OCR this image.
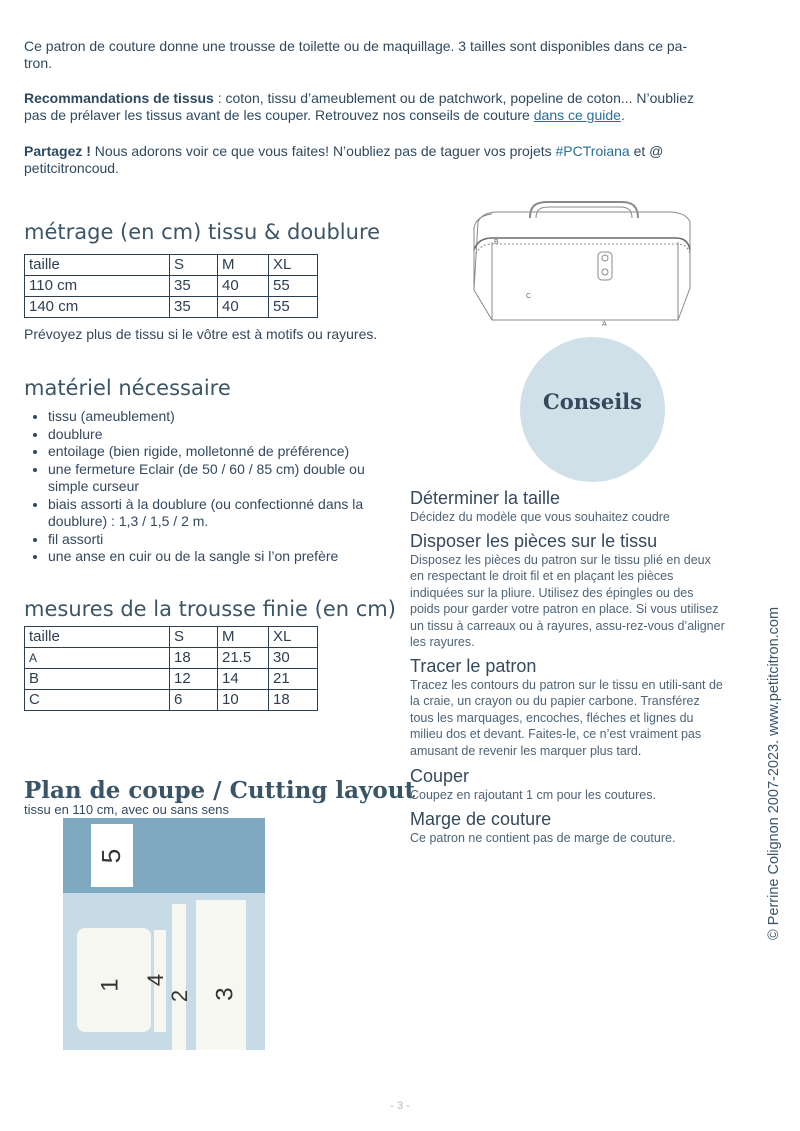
Ce patron de couture donne une trousse de toilette ou de maquillage. 3 tailles sont disponibles dans ce pa-
tron.
Recommandations de tissus : coton, tissu d’ameublement ou de patchwork, popeline de coton... N’oubliez
pas de prélaver les tissus avant de les couper. Retrouvez nos conseils de couture dans ce guide.
Partagez ! Nous adorons voir ce que vous faites! N’oubliez pas de taguer vos projets #PCTroiana et @
petitcitroncoud.
métrage (en cm) tissu & doublure
taille	S	M	XL
110 cm	35	40	55
140 cm	35	40	55
Prévoyez plus de tissu si le vôtre est à motifs ou rayures.
matériel nécessaire
• tissu (ameublement)
• doublure
• entoilage (bien rigide, molletonné de préférence)
• une fermeture Eclair (de 50 / 60 / 85 cm) double ou simple curseur
• biais assorti à la doublure (ou confectionné dans la doublure) : 1,3 / 1,5 / 2 m.
• fil assorti
• une anse en cuir ou de la sangle si l’on prefère
mesures de la trousse finie (en cm)
taille	S	M	XL
A	18	21.5	30
B	12	14	21
C	6	10	18
Plan de coupe / Cutting layout
tissu en 110 cm, avec ou sans sens
5
1 4
2 3
B
C
A
Conseils
Déterminer la taille

Décidez du modèle que vous souhaitez coudre

Disposer les pièces sur le tissu

Disposez les pièces du patron sur le tissu plié en deux en respectant le droit fil et en plaçant les pièces indiquées sur la pliure. Utilisez des épingles ou des poids pour garder votre patron en place. Si vous utilisez un tissu à carreaux ou à rayures, assu-rez-vous d’aligner les rayures.

Tracer le patron

Tracez les contours du patron sur le tissu en utili-sant de la craie, un crayon ou du papier carbone. Transférez tous les marquages, encoches, fléches et lignes du milieu dos et devant. Faites-le, ce n’est vraiment pas amusant de revenir les marquer plus tard.

Couper

Coupez en rajoutant 1 cm pour les coutures.

Marge de couture

Ce patron ne contient pas de marge de couture.	© Perrine Colignon 2007-2023. www.petitcitron.com
- 3 -
